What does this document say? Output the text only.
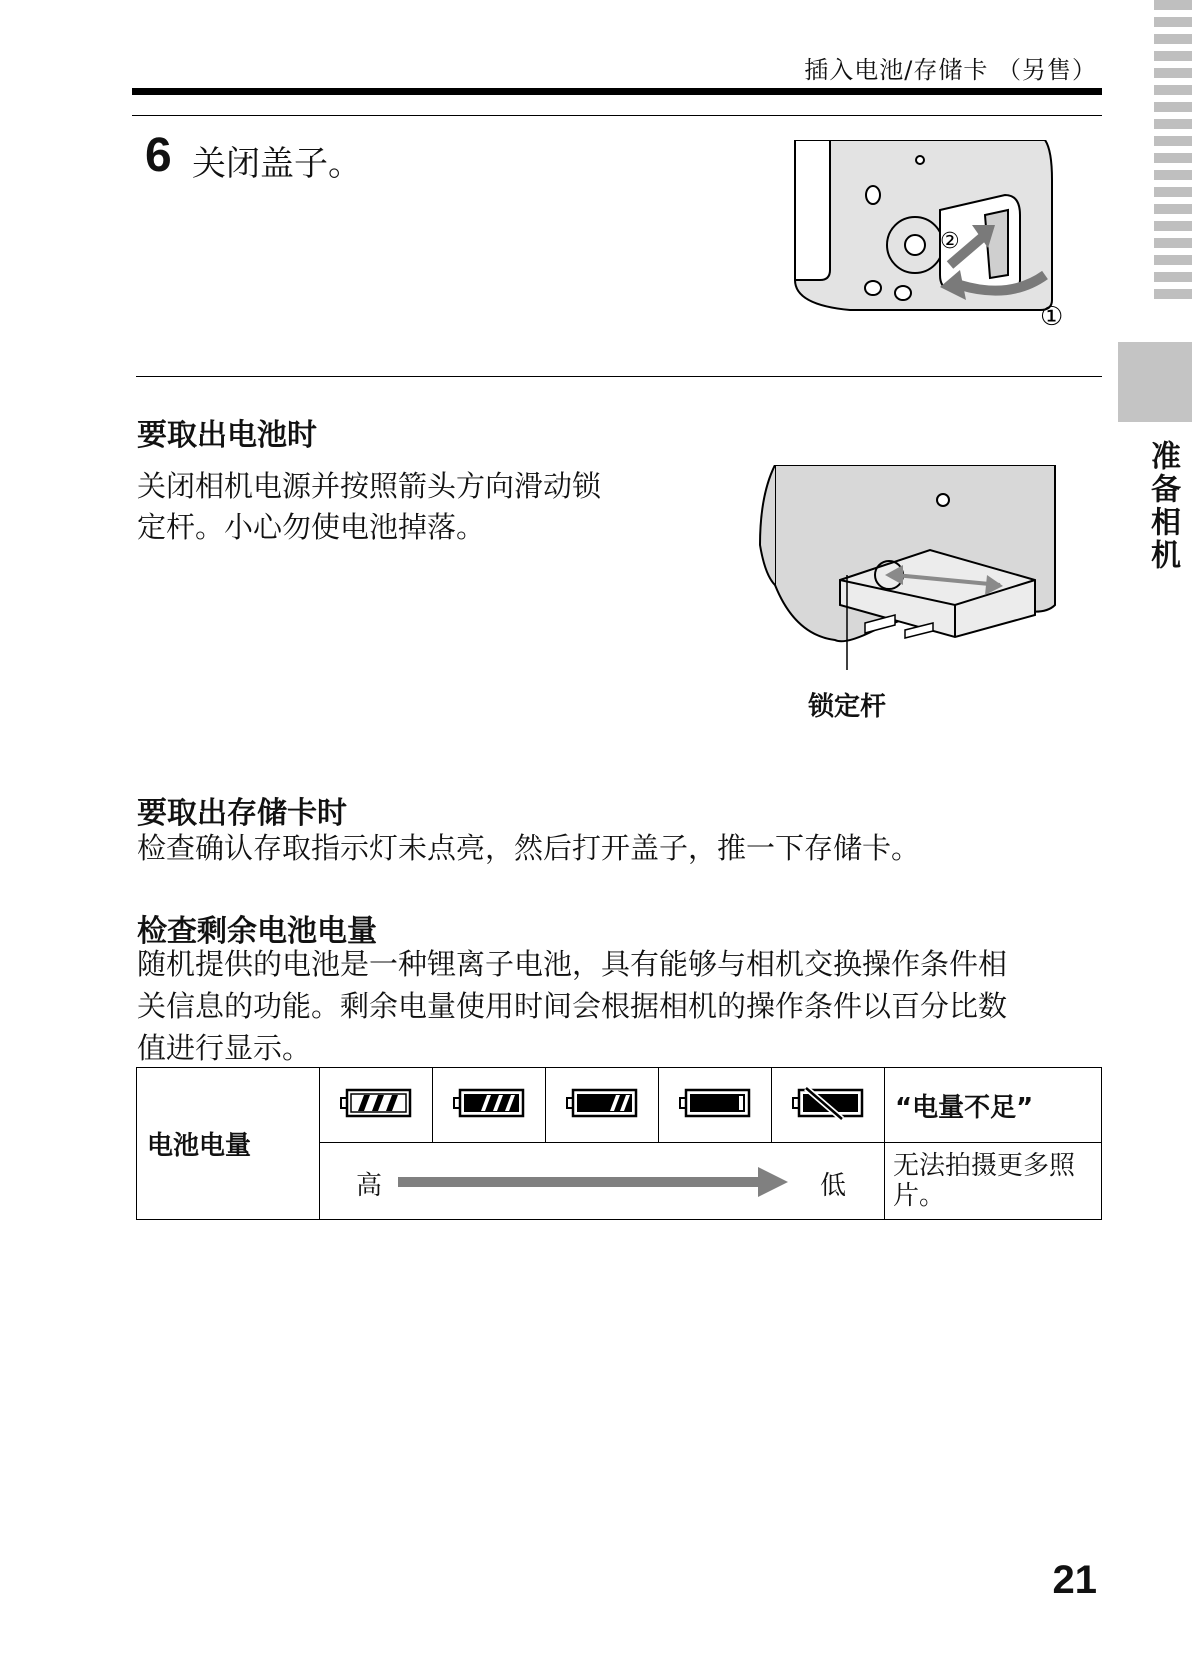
准备相机
插入电池/存储卡 （另售）
6 关闭盖子。
②
①
要取出电池时
关闭相机电源并按照箭头方向滑动锁
定杆。小心勿使电池掉落。
锁定杆
要取出存储卡时
检查确认存取指示灯未点亮，然后打开盖子，推一下存储卡。
检查剩余电池电量
随机提供的电池是一种锂离子电池，具有能够与相机交换操作条件相
关信息的功能。剩余电量使用时间会根据相机的操作条件以百分比数
值进行显示。
电池电量						“电量不足”

	高 低					无法拍摄更多照片。
21
